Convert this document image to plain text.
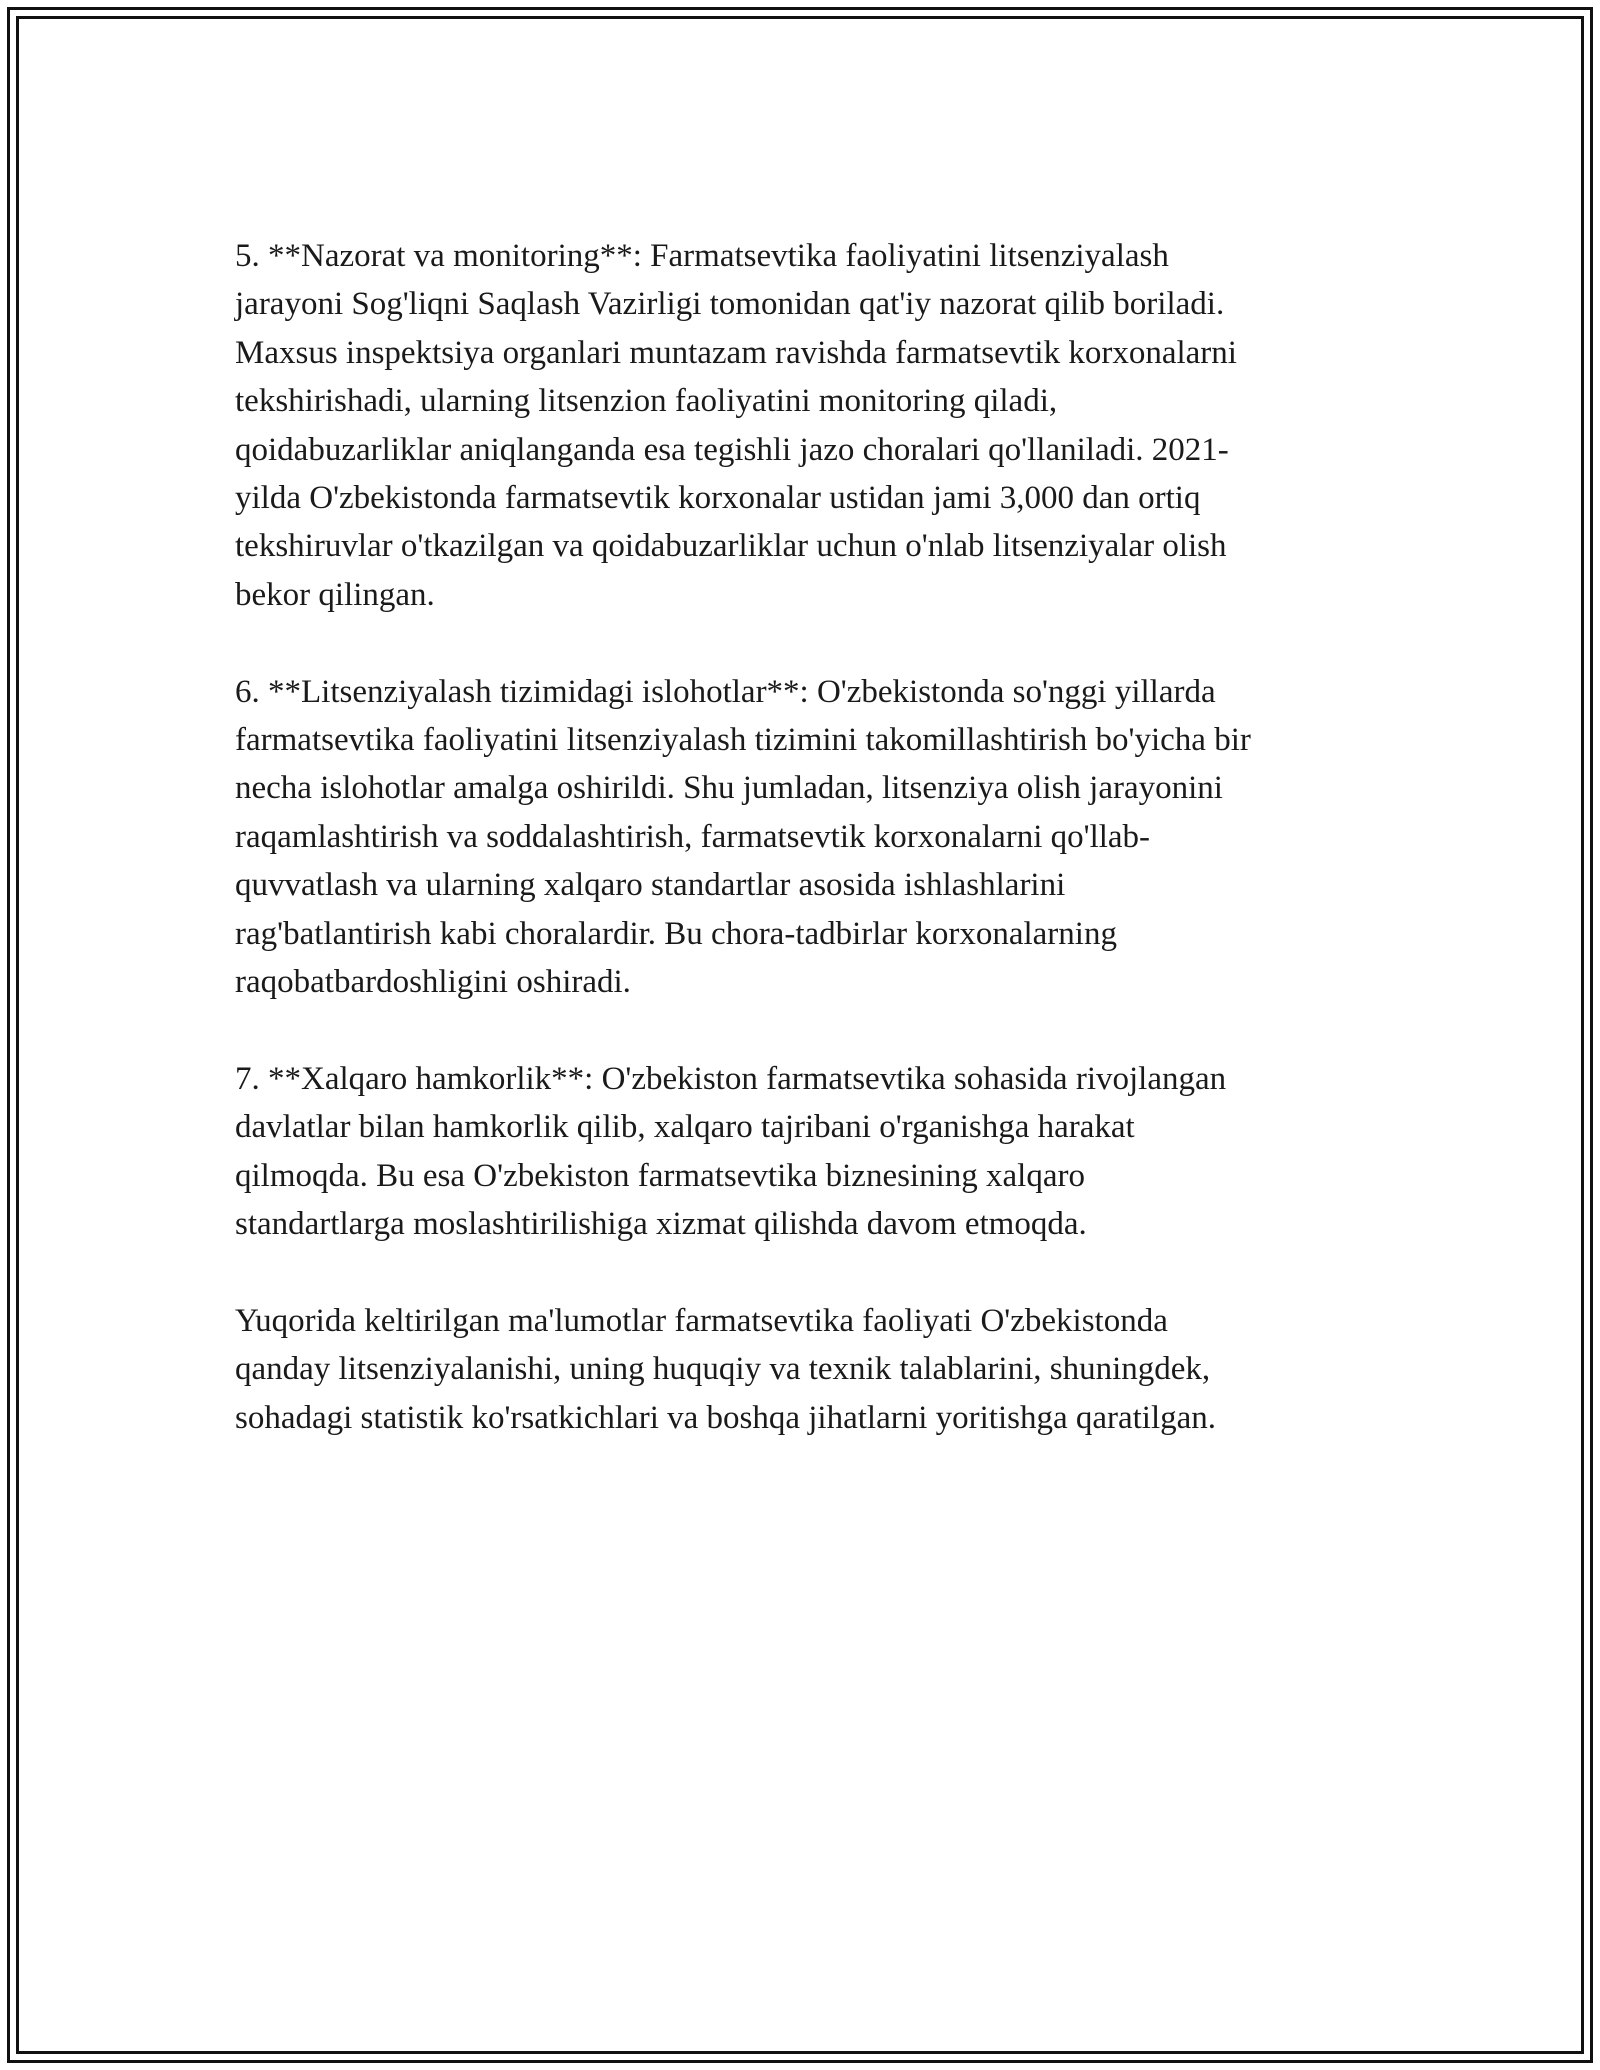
5. **Nazorat va monitoring**: Farmatsevtika faoliyatini litsenziyalash
jarayoni Sog'liqni Saqlash Vazirligi tomonidan qat'iy nazorat qilib boriladi.
Maxsus inspektsiya organlari muntazam ravishda farmatsevtik korxonalarni
tekshirishadi, ularning litsenzion faoliyatini monitoring qiladi,
qoidabuzarliklar aniqlanganda esa tegishli jazo choralari qo'llaniladi. 2021-
yilda O'zbekistonda farmatsevtik korxonalar ustidan jami 3,000 dan ortiq
tekshiruvlar o'tkazilgan va qoidabuzarliklar uchun o'nlab litsenziyalar olish
bekor qilingan.

6. **Litsenziyalash tizimidagi islohotlar**: O'zbekistonda so'nggi yillarda
farmatsevtika faoliyatini litsenziyalash tizimini takomillashtirish bo'yicha bir
necha islohotlar amalga oshirildi. Shu jumladan, litsenziya olish jarayonini
raqamlashtirish va soddalashtirish, farmatsevtik korxonalarni qo'llab-
quvvatlash va ularning xalqaro standartlar asosida ishlashlarini
rag'batlantirish kabi choralardir. Bu chora-tadbirlar korxonalarning
raqobatbardoshligini oshiradi.

7. **Xalqaro hamkorlik**: O'zbekiston farmatsevtika sohasida rivojlangan
davlatlar bilan hamkorlik qilib, xalqaro tajribani o'rganishga harakat
qilmoqda. Bu esa O'zbekiston farmatsevtika biznesining xalqaro
standartlarga moslashtirilishiga xizmat qilishda davom etmoqda.

Yuqorida keltirilgan ma'lumotlar farmatsevtika faoliyati O'zbekistonda
qanday litsenziyalanishi, uning huquqiy va texnik talablarini, shuningdek,
sohadagi statistik ko'rsatkichlari va boshqa jihatlarni yoritishga qaratilgan.
